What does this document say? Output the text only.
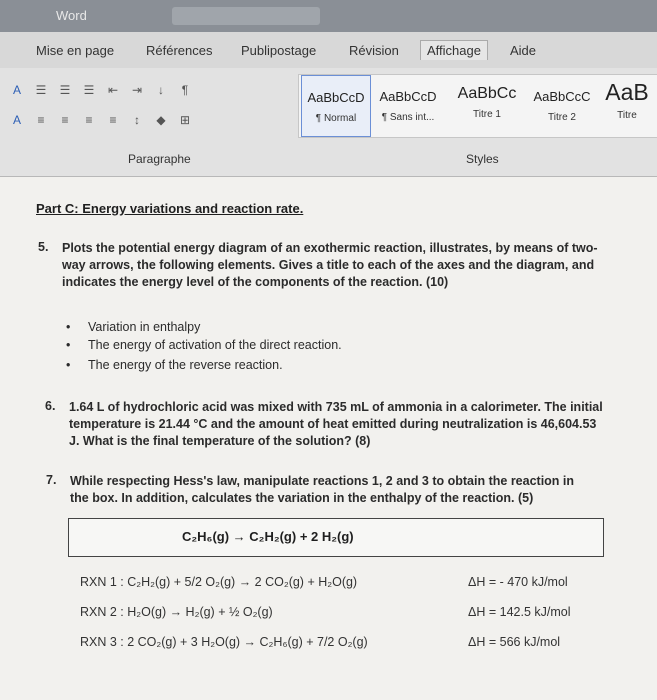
Word
Mise en page Références Publipostage	Révision	Affichage	Aide
A	☰	☰	☰	⇤	⇥	↓	¶
A	≡	≡	≡	≡	↕	◆	⊞
AaBbCcD
¶ Normal
AaBbCcD
¶ Sans int...
AaBbCc
Titre 1
AaBbCcC
Titre 2
AaB
Titre
Paragraphe	Styles
Part C: Energy variations and reaction rate.
5. Plots the potential energy diagram of an exothermic reaction, illustrates, by means of two-way arrows, the following elements. Gives a title to each of the axes and the diagram, and indicates the energy level of the components of the reaction. (10)
• Variation in enthalpy
• The energy of activation of the direct reaction.
• The energy of the reverse reaction.
6. 1.64 L of hydrochloric acid was mixed with 735 mL of ammonia in a calorimeter. The initial temperature is 21.44 °C and the amount of heat emitted during neutralization is 46,604.53 J. What is the final temperature of the solution? (8)
7. While respecting Hess's law, manipulate reactions 1, 2 and 3 to obtain the reaction in the box. In addition, calculates the variation in the enthalpy of the reaction. (5)
C₂H₆(g) → C₂H₂(g) + 2 H₂(g)
RXN 1 : C₂H₂(g) + 5/2 O₂(g) → 2 CO₂(g) + H₂O(g)	ΔH = - 470 kJ/mol
RXN 2 : H₂O(g) → H₂(g) + ½ O₂(g)	ΔH = 142.5 kJ/mol
RXN 3 : 2 CO₂(g) + 3 H₂O(g) → C₂H₆(g) + 7/2 O₂(g)	ΔH = 566 kJ/mol
